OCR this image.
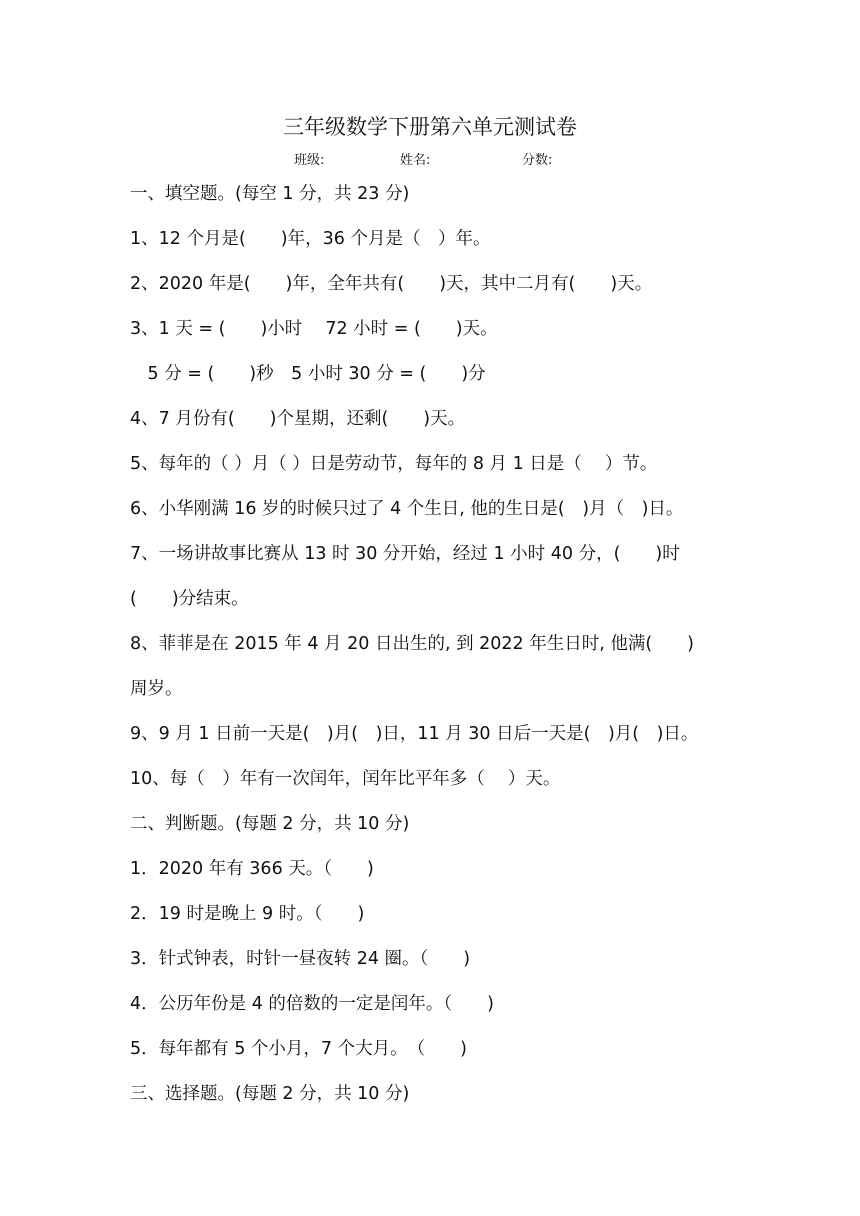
三年级数学下册第六单元测试卷
班级:	姓名:	分数:
一、填空题。(每空 1 分，共 23 分)
1、12 个月是(　　)年，36 个月是（　）年。
2、2020 年是(　　)年，全年共有(　　)天，其中二月有(　　)天。
3、1 天 = (　　)小时　 72 小时 = (　　)天。
　5 分 = (　　)秒　5 小时 30 分 = (　　)分
4、7 月份有(　　)个星期，还剩(　　)天。
5、每年的（ ）月（ ）日是劳动节，每年的 8 月 1 日是（　 ）节。
6、小华刚满 16 岁的时候只过了 4 个生日, 他的生日是(　)月（　)日。
7、一场讲故事比赛从 13 时 30 分开始，经过 1 小时 40 分，(　　)时
(　　)分结束。
8、菲菲是在 2015 年 4 月 20 日出生的, 到 2022 年生日时, 他满(　　)
周岁。
9、9 月 1 日前一天是(　)月(　)日，11 月 30 日后一天是(　)月(　)日。
10、每（　）年有一次闰年，闰年比平年多（　 ）天。
二、判断题。(每题 2 分，共 10 分)
1．2020 年有 366 天。（　　)
2．19 时是晚上 9 时。（　　)
3．针式钟表，时针一昼夜转 24 圈。（　　)
4．公历年份是 4 的倍数的一定是闰年。（　　)
5．每年都有 5 个小月，7 个大月。　（　　)
三、选择题。(每题 2 分，共 10 分)
